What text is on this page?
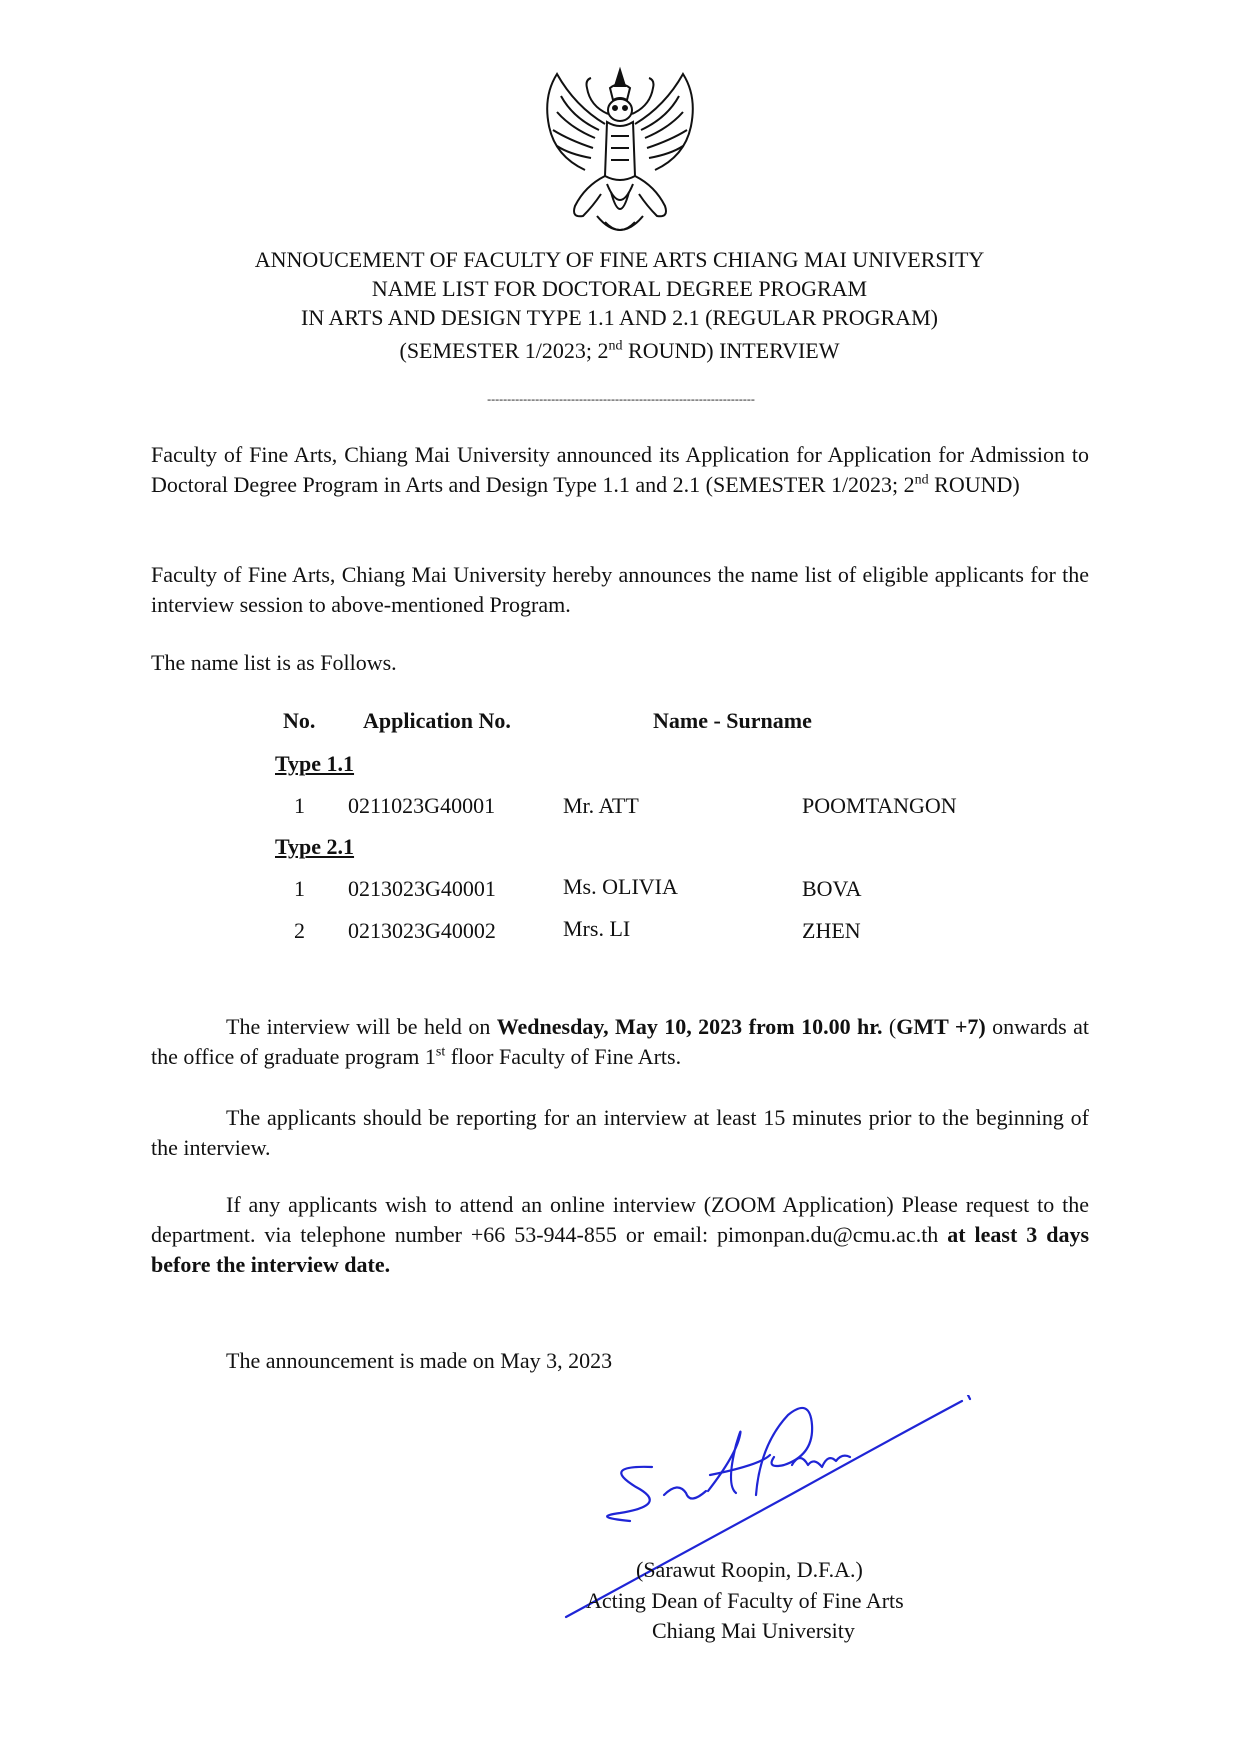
ANNOUCEMENT OF FACULTY OF FINE ARTS CHIANG MAI UNIVERSITY
NAME LIST FOR DOCTORAL DEGREE PROGRAM
IN ARTS AND DESIGN TYPE 1.1 AND 2.1 (REGULAR PROGRAM)
(SEMESTER 1/2023; 2nd ROUND) INTERVIEW
-------------------------------------------------------------------
Faculty of Fine Arts, Chiang Mai University announced its Application for Application for Admission to Doctoral Degree Program in Arts and Design Type 1.1 and 2.1 (SEMESTER 1/2023; 2nd ROUND)
Faculty of Fine Arts, Chiang Mai University hereby announces the name list of eligible applicants for the interview session to above-mentioned Program.
The name list is as Follows.
No. Application No.	Name - Surname
Type 1.1
1 0211023G40001	Mr. ATT	POOMTANGON
Type 2.1
1 0213023G40001	Ms. OLIVIA	BOVA
2 0213023G40002	Mrs. LI	ZHEN
The interview will be held on Wednesday, May 10, 2023 from 10.00 hr. (GMT +7) onwards at the office of graduate program 1st floor Faculty of Fine Arts.
The applicants should be reporting for an interview at least 15 minutes prior to the beginning of the interview.
If any applicants wish to attend an online interview (ZOOM Application) Please request to the department. via telephone number +66 53-944-855 or email: pimonpan.du@cmu.ac.th at least 3 days before the interview date.
The announcement is made on May 3, 2023
(Sarawut Roopin, D.F.A.)
Acting Dean of Faculty of Fine Arts
Chiang Mai University
